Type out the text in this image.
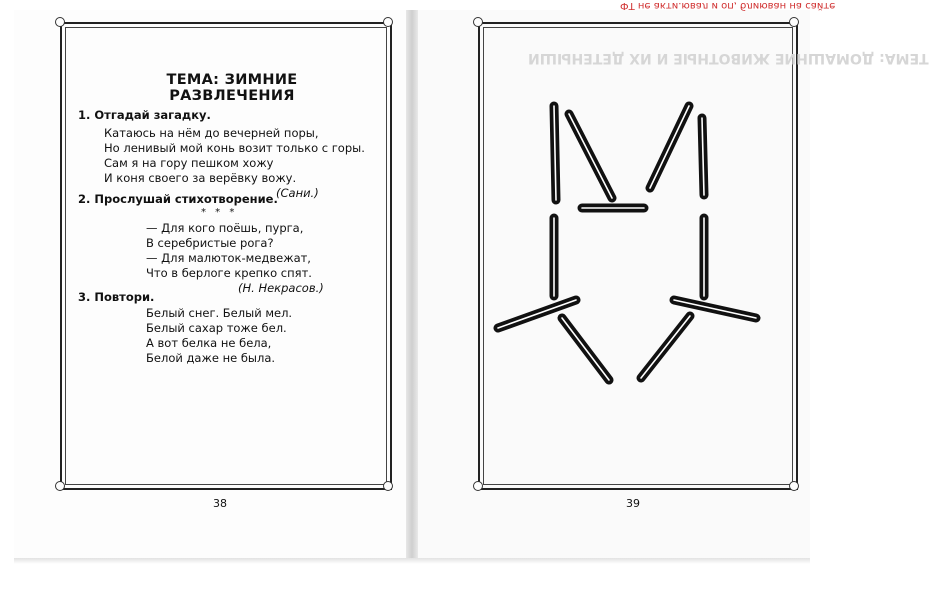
ТЕМА: ЗИМНИЕ РАЗВЛЕЧЕНИЯ
1. Отгадай загадку.
Катаюсь на нём до вечерней поры,
Но ленивый мой конь возит только с горы.
Сам я на гору пешком хожу
И коня своего за верёвку вожу.
(Сани.)
2. Прослушай стихотворение.
* * *
— Для кого поёшь, пурга,
В серебристые рога?
— Для малюток-медвежат,
Что в берлоге крепко спят.
(Н. Некрасов.)
3. Повтори.
Белый снег. Белый мел.
Белый сахар тоже бел.
А вот белка не бела,
Белой даже не была.
38
ТЕМА: ДОМАШНИЕ ЖИВОТНЫЕ И ИХ ДЕТЕНЫШИ
39
ФТ не акти.ювал и оп, блиюван на сайте
